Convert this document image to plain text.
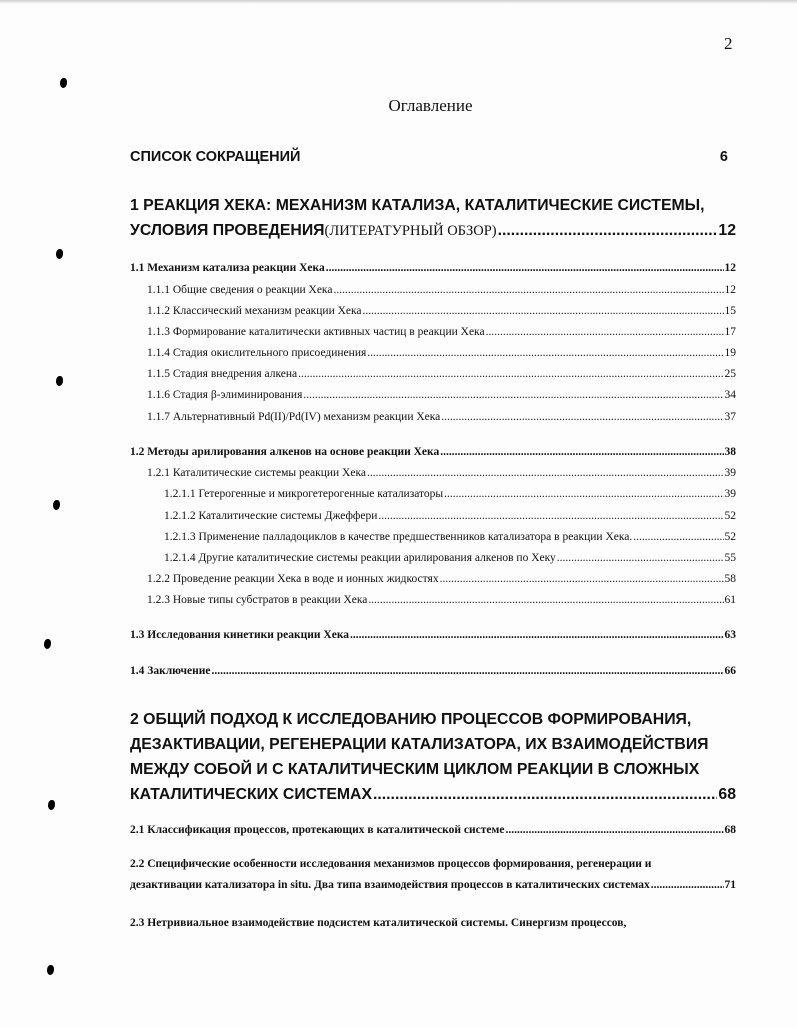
2
Оглавление
СПИСОК СОКРАЩЕНИЙ	6
1 РЕАКЦИЯ ХЕКА: МЕХАНИЗМ КАТАЛИЗА, КАТАЛИТИЧЕСКИЕ СИСТЕМЫ,
УСЛОВИЯ ПРОВЕДЕНИЯ (ЛИТЕРАТУРНЫЙ ОБЗОР) .....	12
1.1 Механизм катализа реакции Хека .....	12
1.1.1 Общие сведения о реакции Хека .....	12
1.1.2 Классический механизм реакции Хека .....	15
1.1.3 Формирование каталитически активных частиц в реакции Хека .....	17
1.1.4 Стадия окислительного присоединения .....	19
1.1.5 Стадия внедрения алкена .....	25
1.1.6 Стадия β-элиминирования .....	34
1.1.7 Альтернативный Pd(II)/Pd(IV) механизм реакции Хека .....	37
1.2 Методы арилирования алкенов на основе реакции Хека .....	38
1.2.1 Каталитические системы реакции Хека .....	39
1.2.1.1 Гетерогенные и микрогетерогенные катализаторы .....	39
1.2.1.2 Каталитические системы Джеффери .....	52
1.2.1.3 Применение палладоциклов в качестве предшественников катализатора в реакции Хека. .....	52
1.2.1.4 Другие каталитические системы реакции арилирования алкенов по Хеку .....	55
1.2.2 Проведение реакции Хека в воде и ионных жидкостях .....	58
1.2.3 Новые типы субстратов в реакции Хека .....	61
1.3 Исследования кинетики реакции Хека .....	63
1.4 Заключение .....	66
2 ОБЩИЙ ПОДХОД К ИССЛЕДОВАНИЮ ПРОЦЕССОВ ФОРМИРОВАНИЯ,
ДЕЗАКТИВАЦИИ, РЕГЕНЕРАЦИИ КАТАЛИЗАТОРА, ИХ ВЗАИМОДЕЙСТВИЯ
МЕЖДУ СОБОЙ И С КАТАЛИТИЧЕСКИМ ЦИКЛОМ РЕАКЦИИ В СЛОЖНЫХ
КАТАЛИТИЧЕСКИХ СИСТЕМАХ .....	68
2.1 Классификация процессов, протекающих в каталитической системе .....	68
2.2 Специфические особенности исследования механизмов процессов формирования, регенерации и
дезактивации катализатора in situ. Два типа взаимодействия процессов в каталитических системах .....	71
2.3 Нетривиальное взаимодействие подсистем каталитической системы. Синергизм процессов,
